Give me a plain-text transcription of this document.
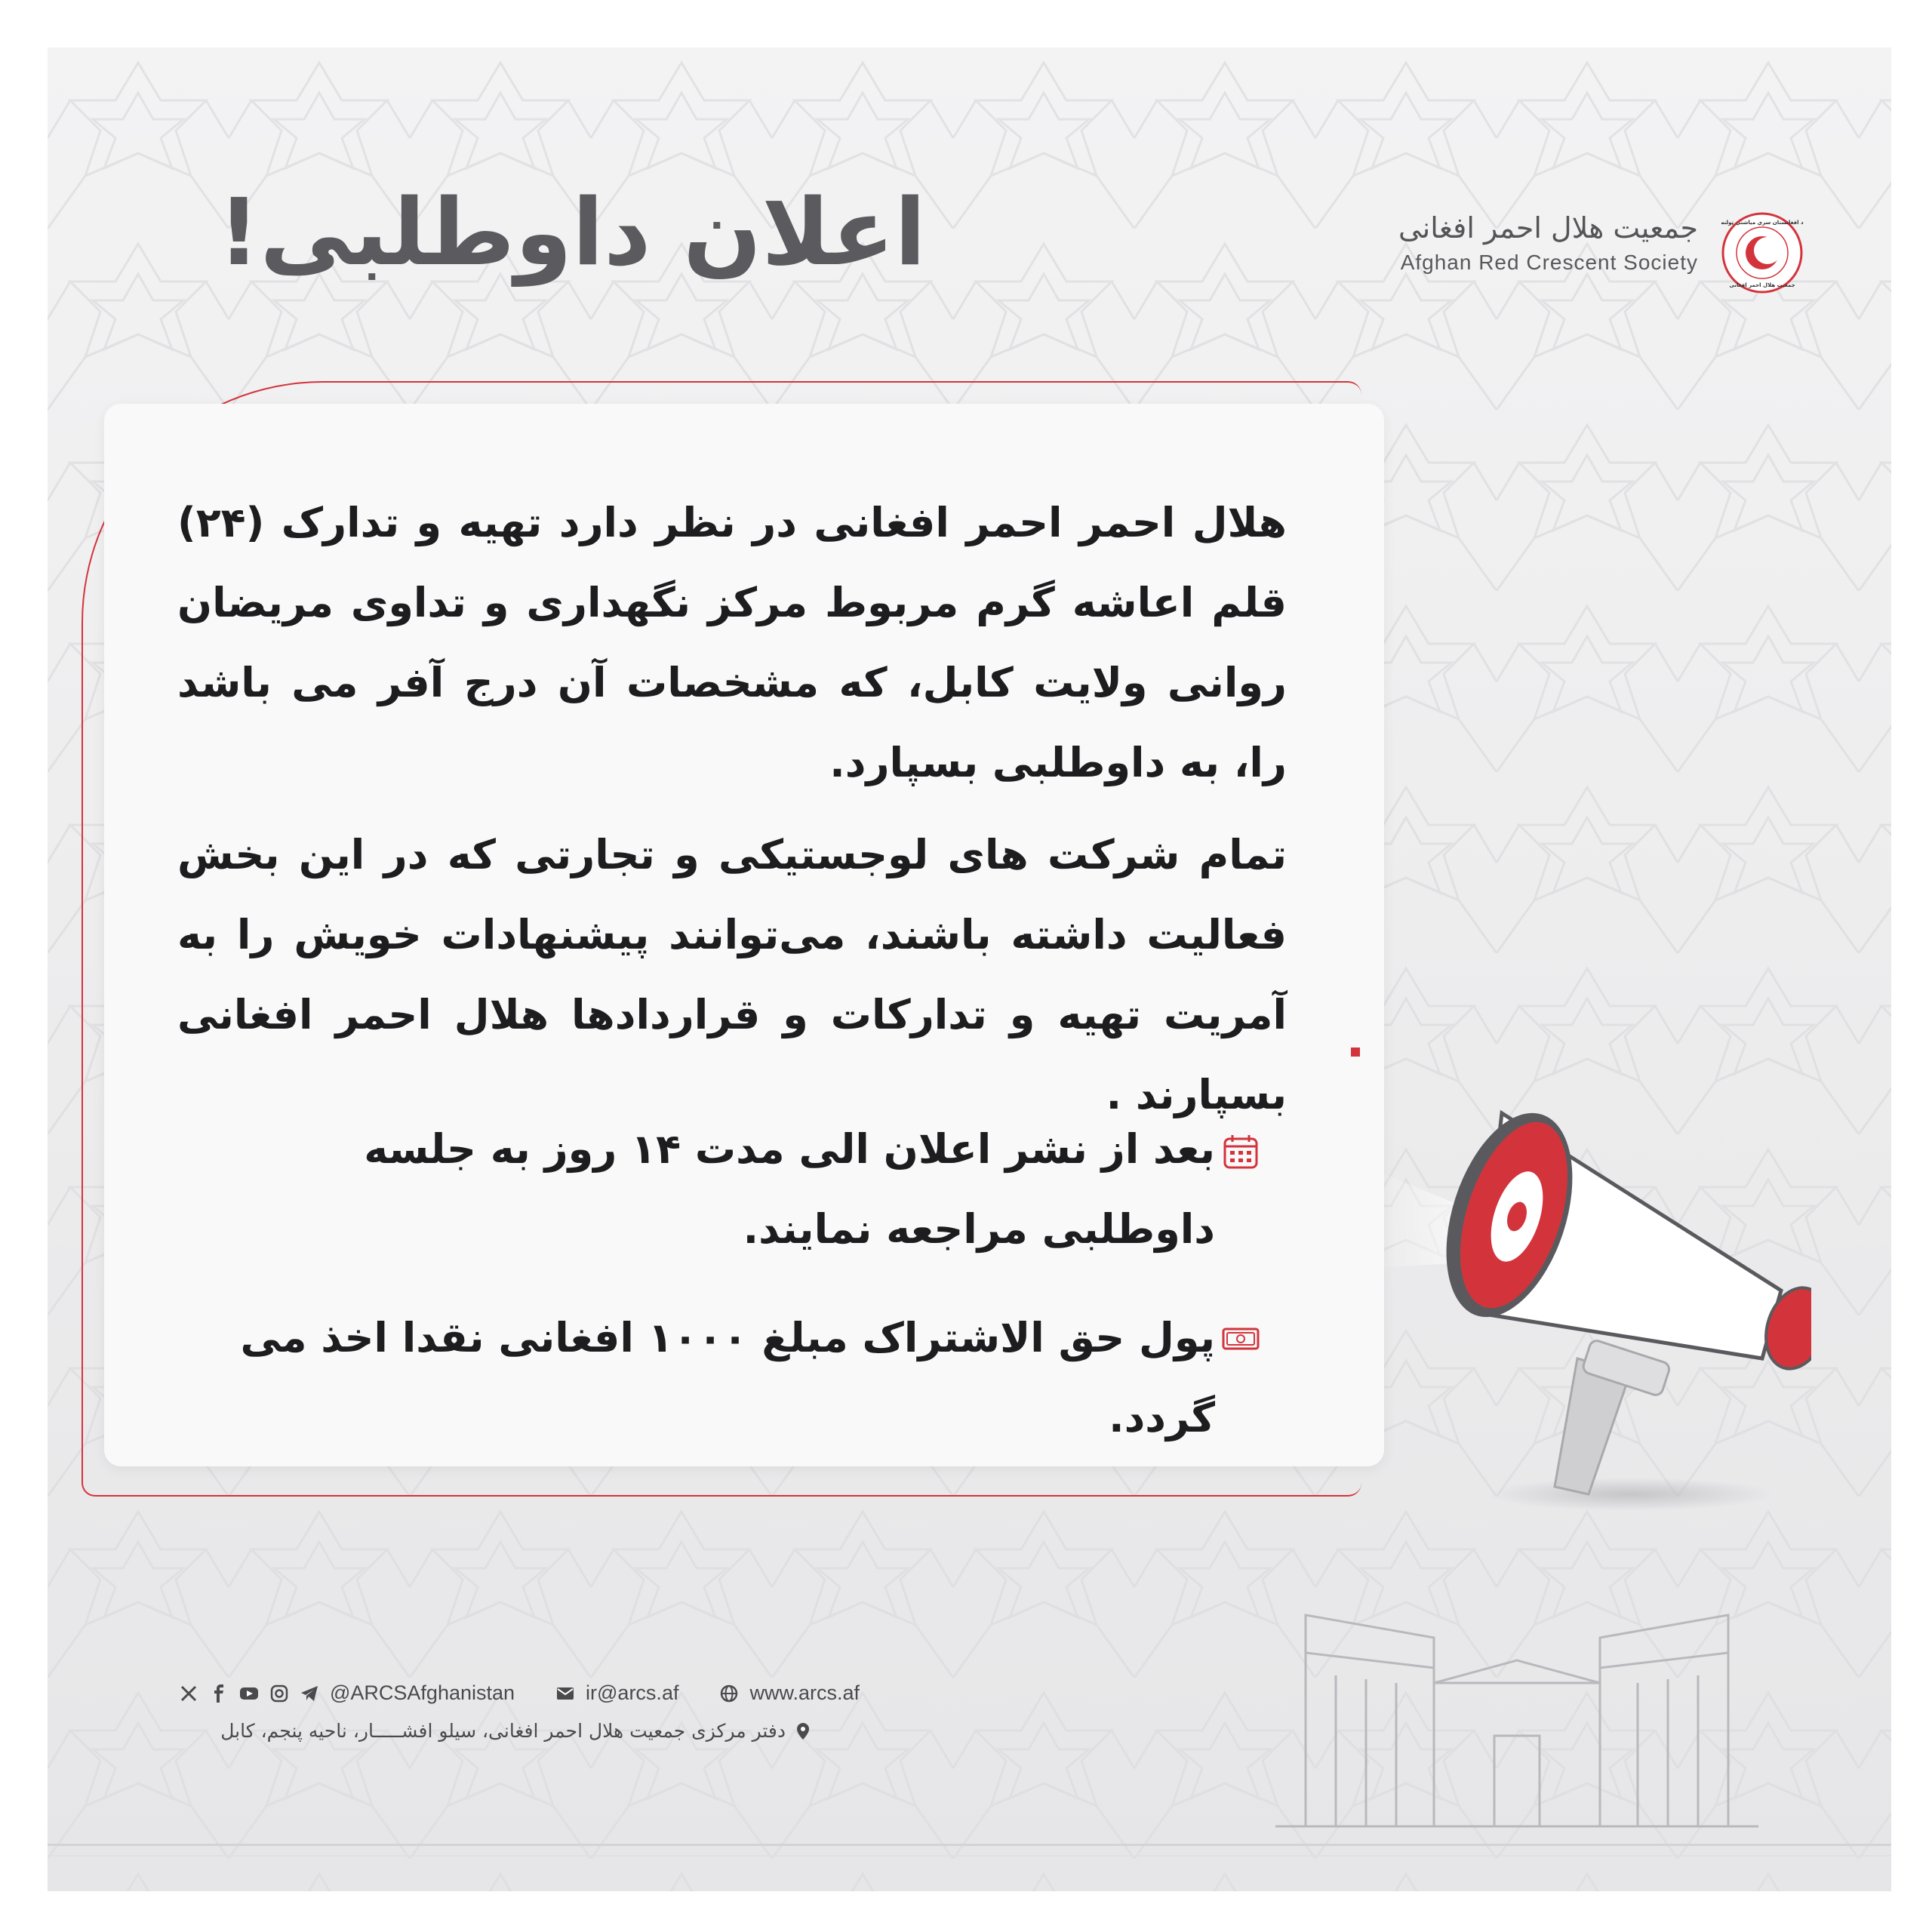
اعلان داوطلبی!	جمعیت هلال احمر افغانی
Afghan Red Crescent Society
د افغانستان سري میاشتې ټولنه
جمعیت هلال احمر افغانی

هلال احمر احمر افغانی در نظر دارد تهیه و تدارک (۲۴) قلم اعاشه گرم مربوط مرکز نگهداری و تداوی مریضان روانی ولایت کابل، که مشخصات آن درج آفر می باشد را، به داوطلبی بسپارد.

تمام شرکت های لوجستیکی و تجارتی که در این بخش فعالیت داشته باشند، می‌توانند پیشنهادات خویش را به آمریت تهیه و تدارکات و قراردادها هلال احمر افغانی بسپارند .

بعد از نشر اعلان الی مدت ۱۴ روز به جلسه داوطلبی مراجعه نمایند.
پول حق الاشتراک مبلغ ۱۰۰۰ افغانی نقدا اخذ می گردد.
@ARCSAfghanistan	ir@arcs.af	www.arcs.af
دفتر مرکزی جمعیت هلال احمر افغانی، سیلو افشـــــار، ناحیه پنجم، کابل
